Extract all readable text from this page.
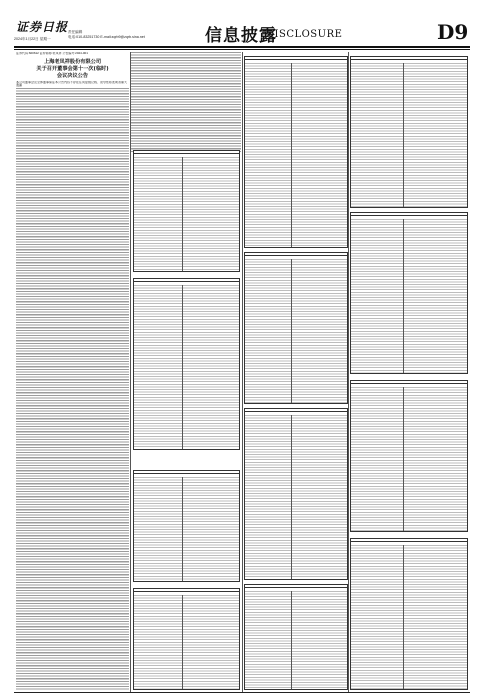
证券日报 责任编辑
电话:010-83251730 E-mail:zqrb9@zqrb.sina.net
2024年1月22日 星期一	信息披露
DISCLOSURE	D9
证券代码:600612 证券简称:老凤祥 公告编号:2024-001
上海老凤祥股份有限公司
关于召开董事会第十一次(临时)
会议决议公告
本公司董事会及全体董事保证本公告内容不存在任何虚假记载、误导性陈述或者重大遗漏
